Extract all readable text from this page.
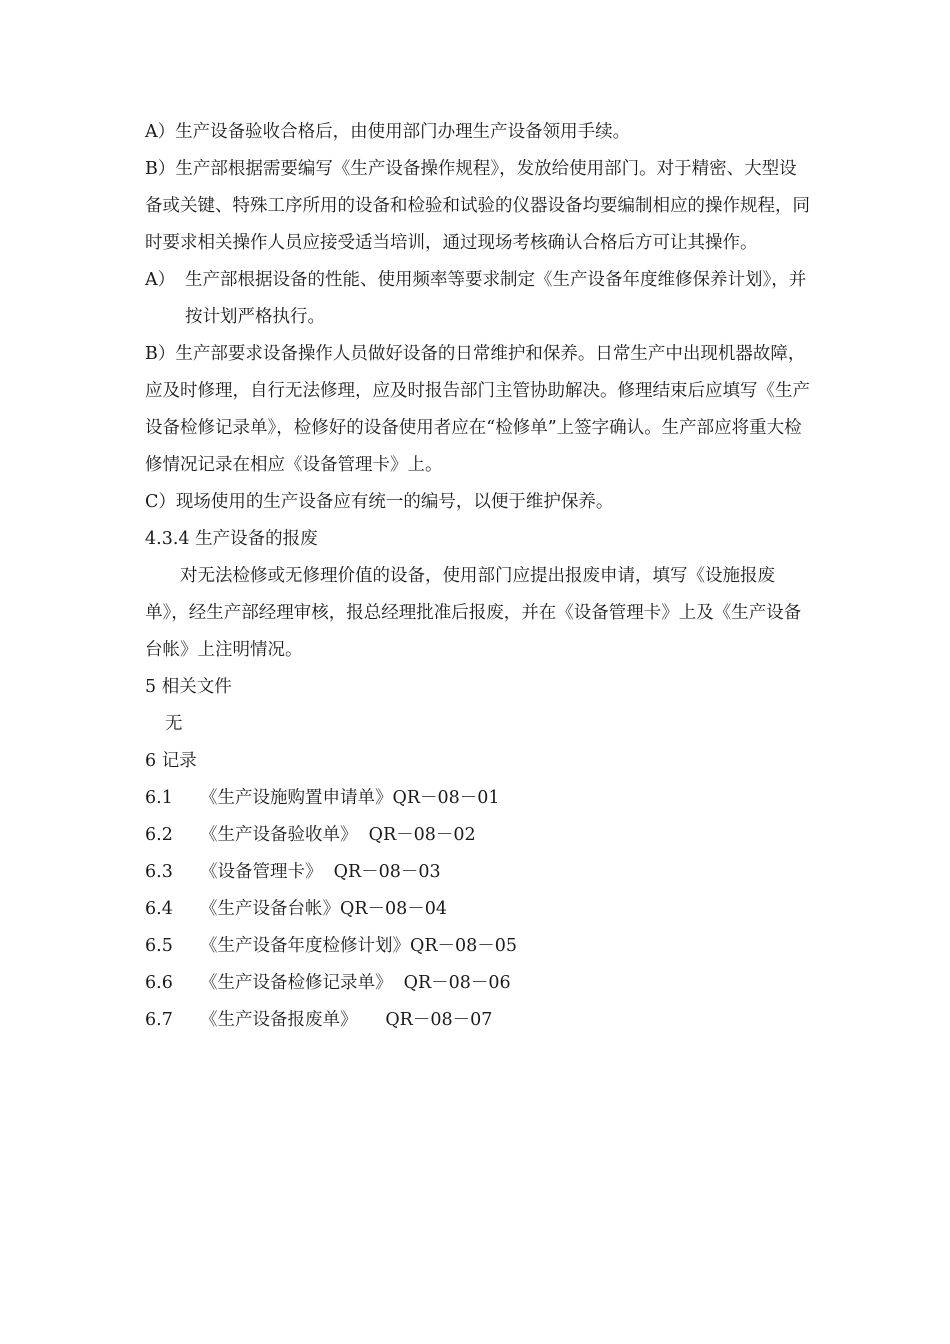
A）生产设备验收合格后，由使用部门办理生产设备领用手续。

B）生产部根据需要编写《生产设备操作规程》，发放给使用部门。对于精密、大型设备或关键、特殊工序所用的设备和检验和试验的仪器设备均要编制相应的操作规程，同时要求相关操作人员应接受适当培训，通过现场考核确认合格后方可让其操作。

A） 生产部根据设备的性能、使用频率等要求制定《生产设备年度维修保养计划》，并按计划严格执行。

B）生产部要求设备操作人员做好设备的日常维护和保养。日常生产中出现机器故障，应及时修理，自行无法修理，应及时报告部门主管协助解决。修理结束后应填写《生产设备检修记录单》，检修好的设备使用者应在“检修单”上签字确认。生产部应将重大检修情况记录在相应《设备管理卡》上。

C）现场使用的生产设备应有统一的编号，以便于维护保养。

4.3.4 生产设备的报废

对无法检修或无修理价值的设备，使用部门应提出报废申请，填写《设施报废单》，经生产部经理审核，报总经理批准后报废，并在《设备管理卡》上及《生产设备台帐》上注明情况。

5 相关文件

无

6 记录

6.1	《生产设施购置申请单》 QR－08－01
6.2	《生产设备验收单》 QR－08－02
6.3	《设备管理卡》 QR－08－03
6.4	《生产设备台帐》 QR－08－04
6.5	《生产设备年度检修计划》 QR－08－05
6.6	《生产设备检修记录单》 QR－08－06
6.7	《生产设备报废单》 QR－08－07
